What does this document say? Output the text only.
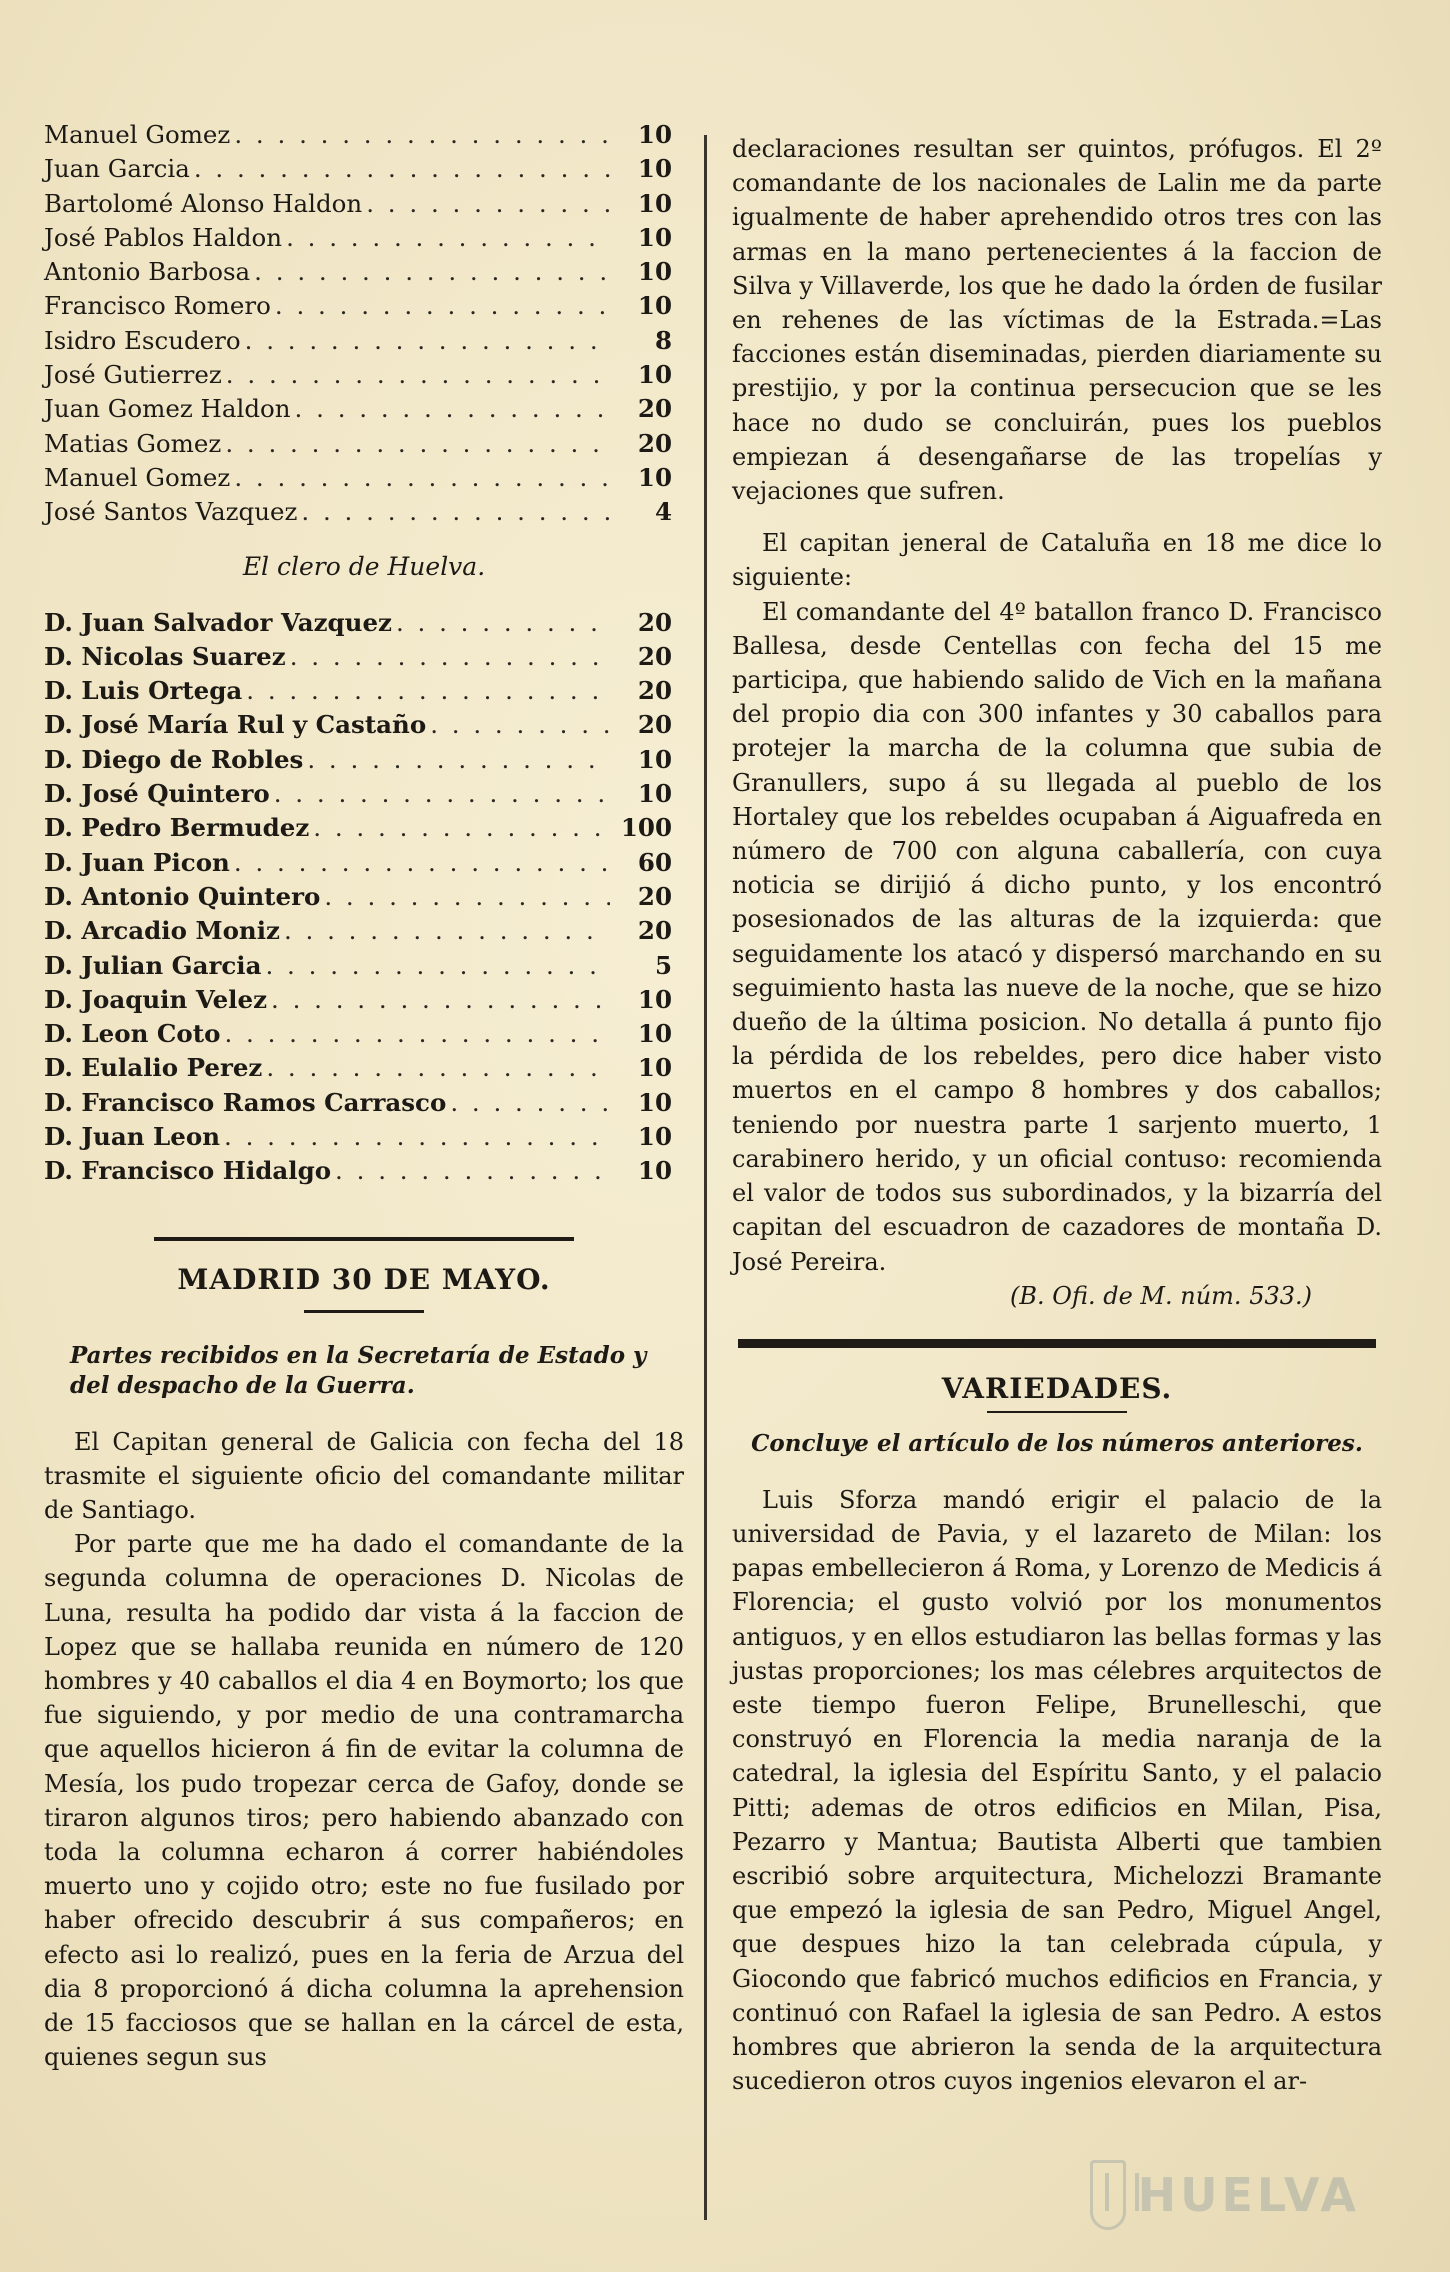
Manuel Gomez . . .	10
Juan Garcia . . .	10
Bartolomé Alonso Haldon . . .	10
José Pablos Haldon . . .	10
Antonio Barbosa . . .	10
Francisco Romero . . .	10
Isidro Escudero . . .	8
José Gutierrez . . .	10
Juan Gomez Haldon . . .	20
Matias Gomez . . .	20
Manuel Gomez . . .	10
José Santos Vazquez . . .	4
El clero de Huelva.
D. Juan Salvador Vazquez . . .	20
D. Nicolas Suarez . . .	20
D. Luis Ortega . . .	20
D. José María Rul y Castaño . . .	20
D. Diego de Robles . . .	10
D. José Quintero . . .	10
D. Pedro Bermudez . . .	100
D. Juan Picon . . .	60
D. Antonio Quintero . . .	20
D. Arcadio Moniz . . .	20
D. Julian Garcia . . .	5
D. Joaquin Velez . . .	10
D. Leon Coto . . .	10
D. Eulalio Perez . . .	10
D. Francisco Ramos Carrasco . . .	10
D. Juan Leon . . .	10
D. Francisco Hidalgo . . .	10
MADRID 30 DE MAYO.
Partes recibidos en la Secretaría de Estado y del despacho de la Guerra.

El Capitan general de Galicia con fecha del 18 trasmite el siguiente oficio del comandante militar de Santiago.

Por parte que me ha dado el comandante de la segunda columna de operaciones D. Nicolas de Luna, resulta ha podido dar vista á la faccion de Lopez que se hallaba reunida en número de 120 hombres y 40 caballos el dia 4 en Boymorto; los que fue siguiendo, y por medio de una contramarcha que aquellos hicieron á fin de evitar la columna de Mesía, los pudo tropezar cerca de Gafoy, donde se tiraron algunos tiros; pero habiendo abanzado con toda la columna echaron á correr habiéndoles muerto uno y cojido otro; este no fue fusilado por haber ofrecido descubrir á sus compañeros; en efecto asi lo realizó, pues en la feria de Arzua del dia 8 proporcionó á dicha columna la aprehension de 15 facciosos que se hallan en la cárcel de esta, quienes segun sus

declaraciones resultan ser quintos, prófugos. El 2º comandante de los nacionales de Lalin me da parte igualmente de haber aprehendido otros tres con las armas en la mano pertenecientes á la faccion de Silva y Villaverde, los que he dado la órden de fusilar en rehenes de las víctimas de la Estrada.=Las facciones están diseminadas, pierden diariamente su prestijio, y por la continua persecucion que se les hace no dudo se concluirán, pues los pueblos empiezan á desengañarse de las tropelías y vejaciones que sufren.

El capitan jeneral de Cataluña en 18 me dice lo siguiente:

El comandante del 4º batallon franco D. Francisco Ballesa, desde Centellas con fecha del 15 me participa, que habiendo salido de Vich en la mañana del propio dia con 300 infantes y 30 caballos para protejer la marcha de la columna que subia de Granullers, supo á su llegada al pueblo de los Hortaley que los rebeldes ocupaban á Aiguafreda en número de 700 con alguna caballería, con cuya noticia se dirijió á dicho punto, y los encontró posesionados de las alturas de la izquierda: que seguidamente los atacó y dispersó marchando en su seguimiento hasta las nueve de la noche, que se hizo dueño de la última posicion. No detalla á punto fijo la pérdida de los rebeldes, pero dice haber visto muertos en el campo 8 hombres y dos caballos; teniendo por nuestra parte 1 sarjento muerto, 1 carabinero herido, y un oficial contuso: recomienda el valor de todos sus subordinados, y la bizarría del capitan del escuadron de cazadores de montaña D. José Pereira.

(B. Ofi. de M. núm. 533.)
VARIEDADES.
Concluye el artículo de los números anteriores.

Luis Sforza mandó erigir el palacio de la universidad de Pavia, y el lazareto de Milan: los papas embellecieron á Roma, y Lorenzo de Medicis á Florencia; el gusto volvió por los monumentos antiguos, y en ellos estudiaron las bellas formas y las justas proporciones; los mas célebres arquitectos de este tiempo fueron Felipe, Brunelleschi, que construyó en Florencia la media naranja de la catedral, la iglesia del Espíritu Santo, y el palacio Pitti; ademas de otros edificios en Milan, Pisa, Pezarro y Mantua; Bautista Alberti que tambien escribió sobre arquitectura, Michelozzi Bramante que empezó la iglesia de san Pedro, Miguel Angel, que despues hizo la tan celebrada cúpula, y Giocondo que fabricó muchos edificios en Francia, y continuó con Rafael la iglesia de san Pedro. A estos hombres que abrieron la senda de la arquitectura sucedieron otros cuyos ingenios elevaron el ar-

HUELVA
